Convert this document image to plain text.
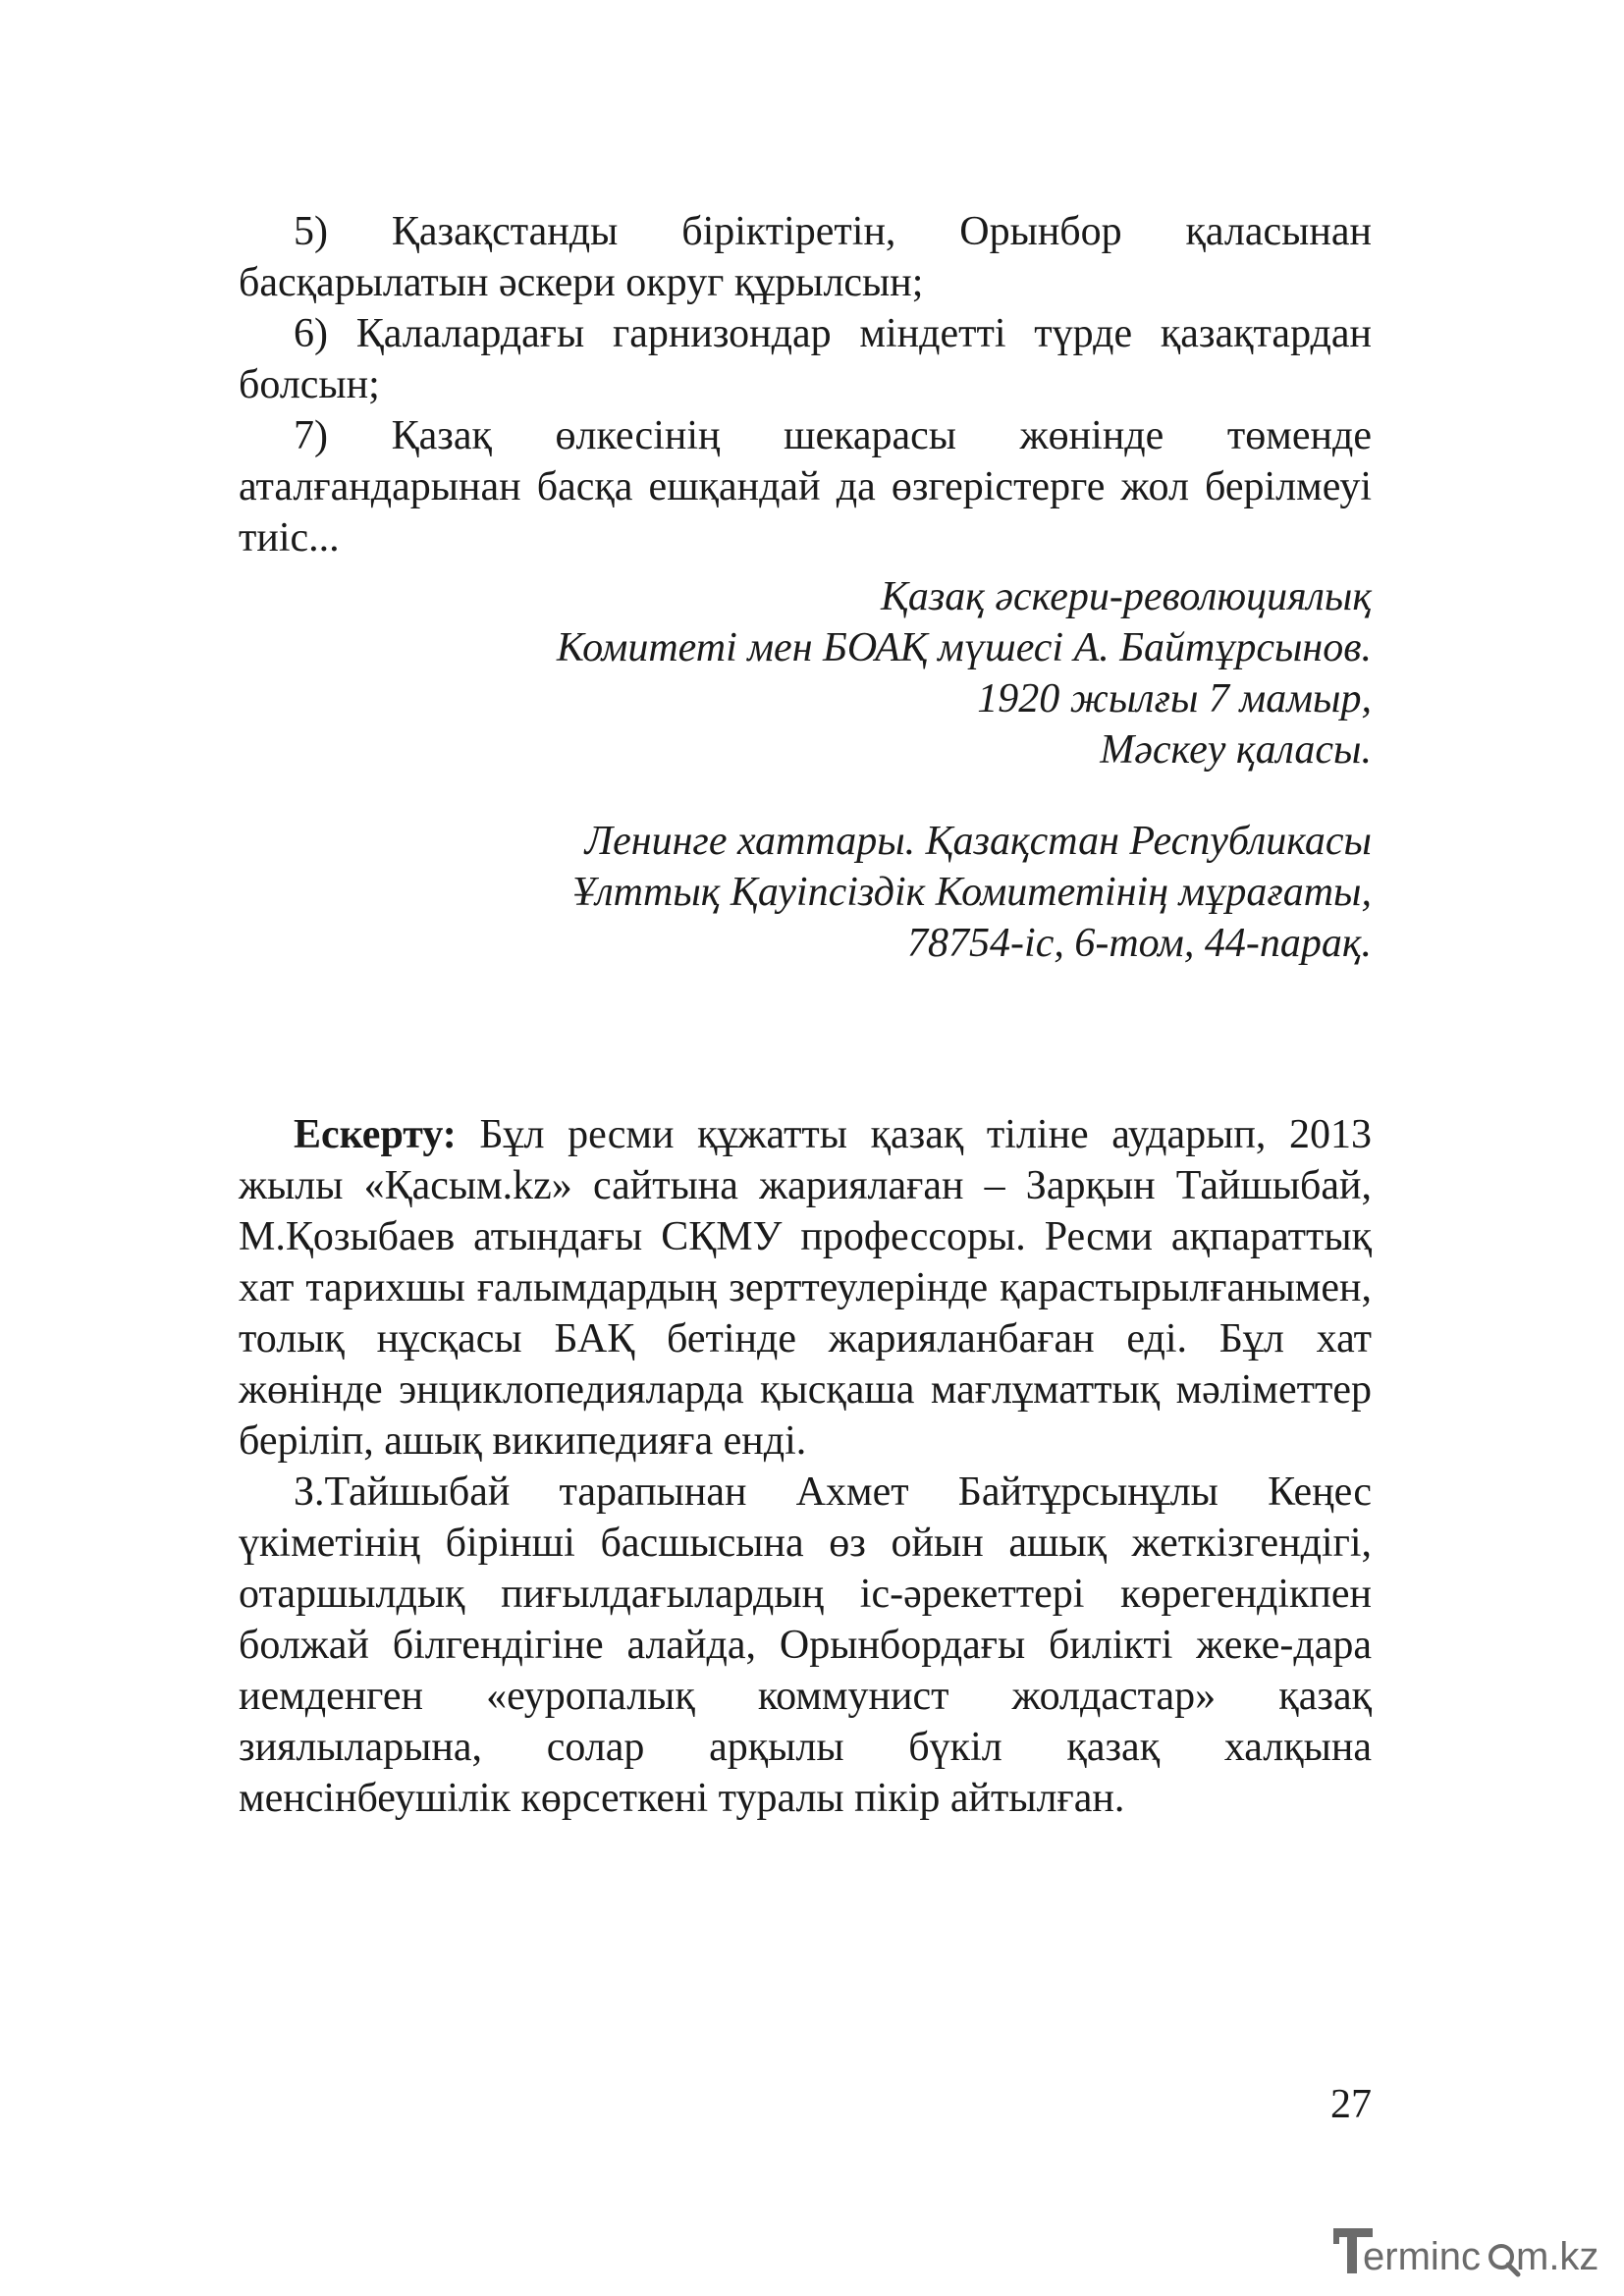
5) Қазақстанды біріктіретін, Орынбор қаласынан басқарылатын әскери округ құрылсын;

6) Қалалардағы гарнизондар міндетті түрде қазақтардан болсын;

7) Қазақ өлкесінің шекарасы жөнінде төменде аталғандарынан басқа ешқандай да өзгерістерге жол берілмеуі тиіс...

Қазақ әскери-революциялық
Комитеті мен БОАҚ мүшесі А. Байтұрсынов.
1920 жылғы 7 мамыр,
Мәскеу қаласы.
Ленинге хаттары. Қазақстан Республикасы
Ұлттық Қауіпсіздік Комитетінің мұрағаты,
78754-іс, 6-том, 44-парақ.

Ескерту: Бұл ресми құжатты қазақ тіліне аударып, 2013 жылы «Қасым.kz» сайтына жариялаған – Зарқын Тайшыбай, М.Қозыбаев атындағы СҚМУ профессоры. Ресми ақпараттық хат тарихшы ғалымдардың зерттеулерінде қарастырылғанымен, толық нұсқасы БАҚ бетінде жарияланбаған еді. Бұл хат жөнінде энциклопедияларда қысқаша мағлұматтық мәліметтер беріліп, ашық википедияға енді.

З.Тайшыбай тарапынан Ахмет Байтұрсынұлы Кеңес үкіметінің бірінші басшысына өз ойын ашық жеткізгендігі, отаршылдық пиғылдағылардың іс-әрекеттері көрегендікпен болжай білгендігіне алайда, Орынбордағы билікті жеке-дара иемденген «еуропалық коммунист жолдастар» қазақ зиялыларына, солар арқылы бүкіл қазақ халқына менсінбеушілік көрсеткені туралы пікір айтылған.

27
erminc m.kz
